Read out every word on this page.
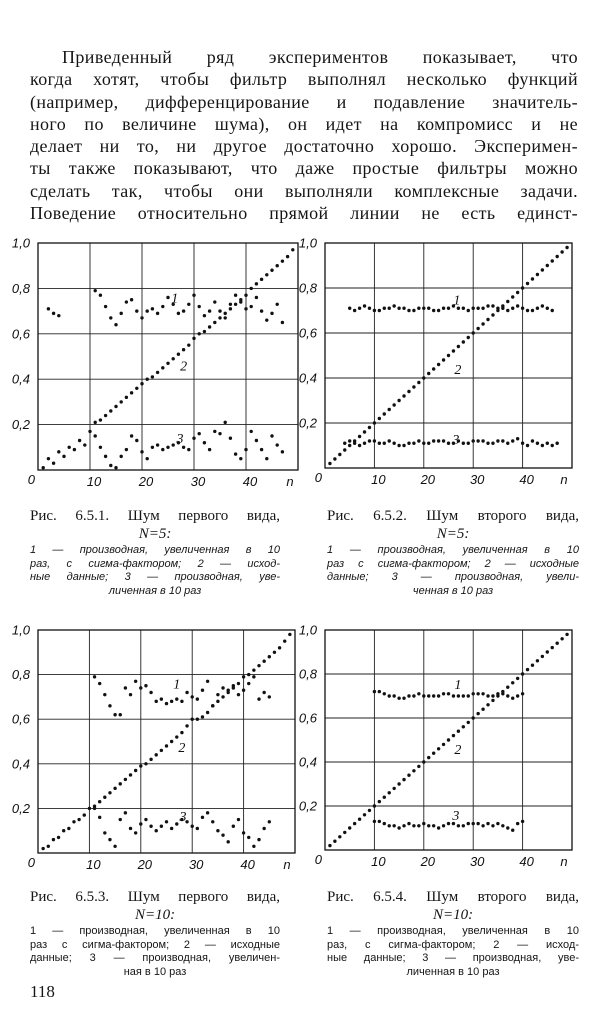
Приведенный ряд экспериментов показывает, что
когда хотят, чтобы фильтр выполнял несколько функций
(например, дифференцирование и подавление значитель-
ного по величине шума), он идет на компромисс и не
делает ни то, ни другое достаточно хорошо. Эксперимен-
ты также показывают, что даже простые фильтры можно
сделать так, чтобы они выполняли комплексные задачи.
Поведение относительно прямой линии не есть единст-
1,0
0,8
0,6
0,4
0,2
0	10	20	30	40 n
1
2
3
1,0
0,8
0,6
0,4
0,2
0	10	20	30	40 n
1
2
3
1,0
0,8
0,6
0,4
0,2
0	10	20	30	40 n
1
2
3
1,0
0,8
0,6
0,4
0,2
0	10	20	30	40 n
1
2
3
Рис. 6.5.1. Шум первого вида,
N=5:
1 — производная, увеличенная в 10
раз, с сигма-фактором; 2 — исход-
ные данные; 3 — производная, уве-
личенная в 10 раз
Рис. 6.5.2. Шум второго вида,
N=5:
1 — производная, увеличенная в 10
раз с сигма-фактором; 2 — исходные
данные; 3 — производная, увели-
ченная в 10 раз
Рис. 6.5.3. Шум первого вида,
N=10:
1 — производная, увеличенная в 10
раз с сигма-фактором; 2 — исходные
данные; 3 — производная, увеличен-
ная в 10 раз
Рис. 6.5.4. Шум второго вида,
N=10:
1 — производная, увеличенная в 10
раз, с сигма-фактором; 2 — исход-
ные данные; 3 — производная, уве-
личенная в 10 раз
118
